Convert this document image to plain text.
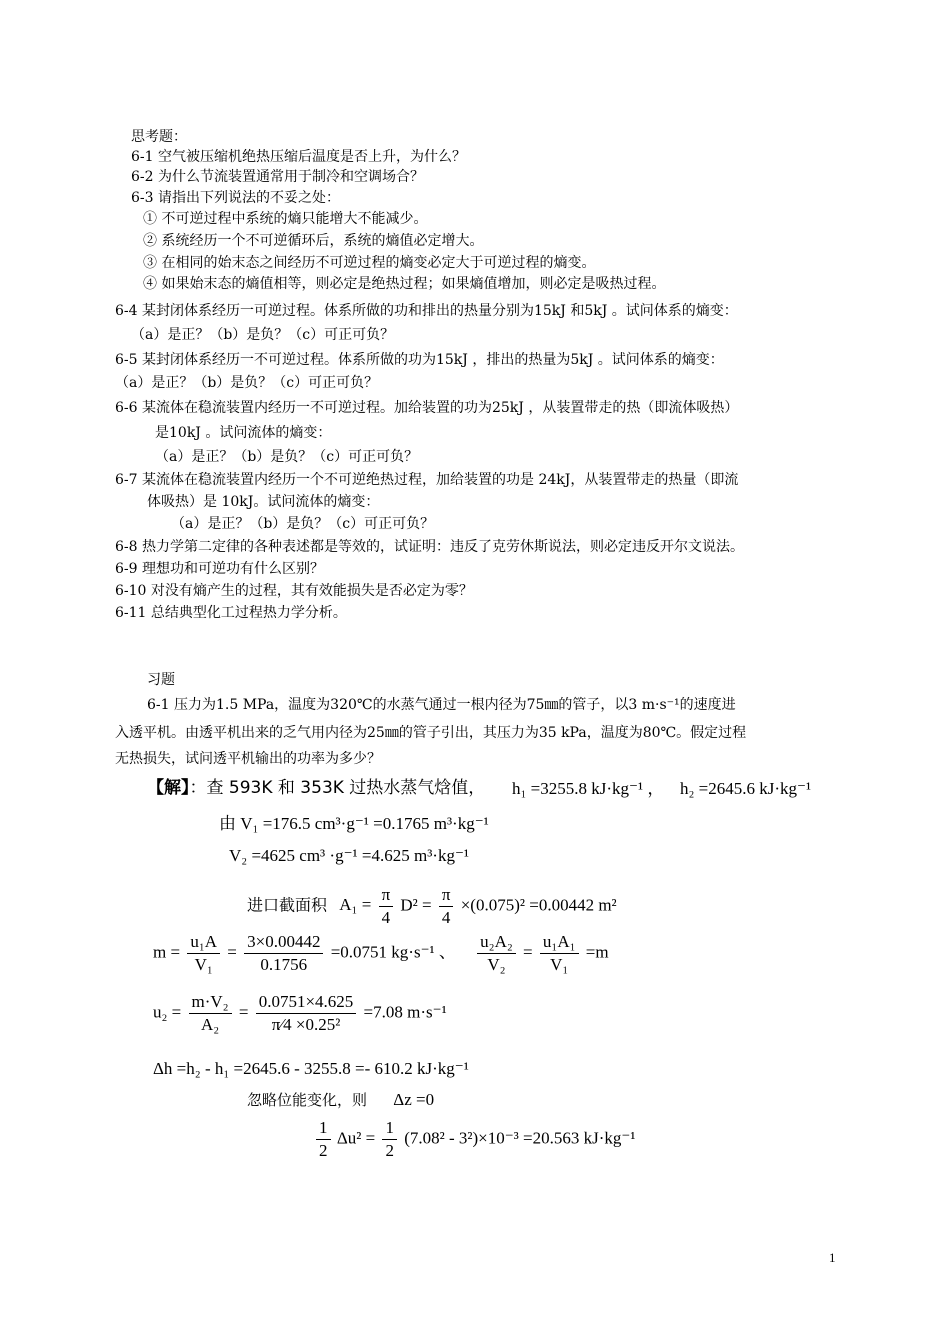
思考题：
6-1 空气被压缩机绝热压缩后温度是否上升，为什么？
6-2 为什么节流装置通常用于制冷和空调场合？
6-3 请指出下列说法的不妥之处：
① 不可逆过程中系统的熵只能增大不能减少。
② 系统经历一个不可逆循环后，系统的熵值必定增大。
③ 在相同的始末态之间经历不可逆过程的熵变必定大于可逆过程的熵变。
④ 如果始末态的熵值相等，则必定是绝热过程；如果熵值增加，则必定是吸热过程。
6-4 某封闭体系经历一可逆过程。体系所做的功和排出的热量分别为15kJ 和5kJ 。试问体系的熵变：
（a）是正？（b）是负？（c）可正可负？
6-5 某封闭体系经历一不可逆过程。体系所做的功为15kJ ，排出的热量为5kJ 。试问体系的熵变：
（a）是正？（b）是负？（c）可正可负？
6-6 某流体在稳流装置内经历一不可逆过程。加给装置的功为25kJ ，从装置带走的热（即流体吸热）
是10kJ 。试问流体的熵变：
（a）是正？（b）是负？（c）可正可负？
6-7 某流体在稳流装置内经历一个不可逆绝热过程，加给装置的功是 24kJ，从装置带走的热量（即流
体吸热）是 10kJ。试问流体的熵变：
（a）是正？（b）是负？（c）可正可负？
6-8 热力学第二定律的各种表述都是等效的，试证明：违反了克劳休斯说法，则必定违反开尔文说法。
6-9 理想功和可逆功有什么区别？
6-10 对没有熵产生的过程，其有效能损失是否必定为零？
6-11 总结典型化工过程热力学分析。
习题
6-1 压力为1.5 MPa，温度为320℃的水蒸气通过一根内径为75㎜的管子，以3 m·s⁻¹的速度进
入透平机。由透平机出来的乏气用内径为25㎜的管子引出，其压力为35 kPa，温度为80℃。假定过程
无热损失，试问透平机输出的功率为多少？
【解】：查 593K 和 353K 过热水蒸气焓值， h₁ =3255.8 kJ·kg⁻¹ ， h₂ =2645.6 kJ·kg⁻¹
由 V₁ =176.5 cm³·g⁻¹ =0.1765 m³·kg⁻¹
V₂ =4625 cm³ ·g⁻¹ =4.625 m³·kg⁻¹
进口截面积 $A_1 = \frac{\pi}{4} D^2 = \frac{\pi}{4} \times(0.075)^2 =0.00442$ m²
$m = \frac{\text{u₁A}}{\text{V₁}} = \frac{3\times 0.00442}{0.1756} =0.0751$ kg·s⁻¹ 、 $\frac{\text{u₂A₂}}{\text{V₂}} = \frac{\text{u₁A₁}}{\text{V₁}} =m$
$u_2 = \frac{\text{m·V₂}}{\text{A₂}} = \frac{0.0751\times 4.625}{\text{π⁄4 ×0.25²}} =7.08$ m·s⁻¹
Δh =h₂ - h₁ =2645.6 - 3255.8 =- 610.2 kJ·kg⁻¹
忽略位能变化，则 Δz =0
$\frac{1}{2} \Delta u^2 = \frac{1}{2} (7.08^2 - 3^2)\times 10^{-3} =20.563$ kJ·kg⁻¹
1
